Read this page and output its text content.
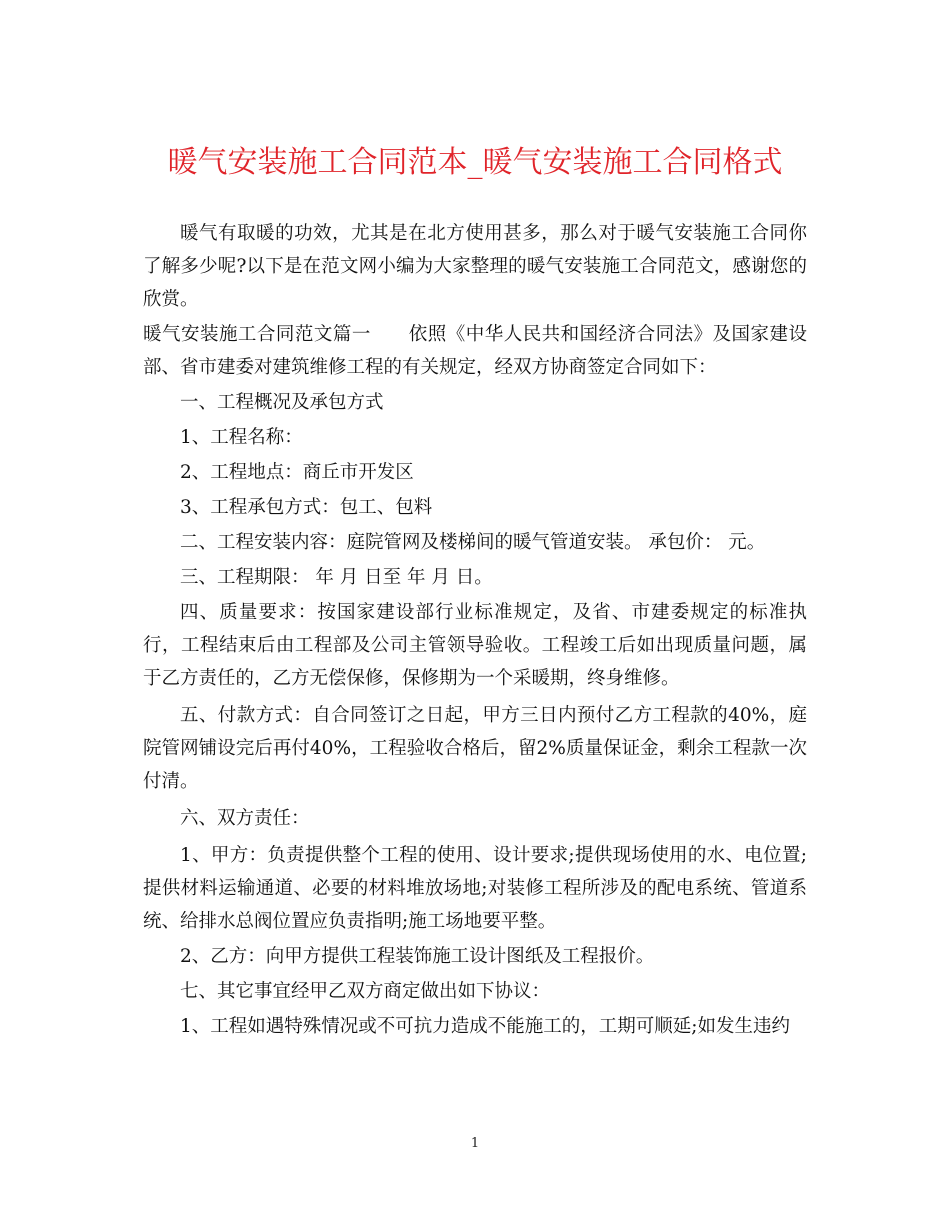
暖气安装施工合同范本_暖气安装施工合同格式

暖气有取暖的功效，尤其是在北方使用甚多，那么对于暖气安装施工合同你了解多少呢?以下是在范文网小编为大家整理的暖气安装施工合同范文，感谢您的欣赏。

暖气安装施工合同范文篇一　　依照《中华人民共和国经济合同法》及国家建设部、省市建委对建筑维修工程的有关规定，经双方协商签定合同如下：

一、工程概况及承包方式

1、工程名称：

2、工程地点：商丘市开发区

3、工程承包方式：包工、包料

二、工程安装内容：庭院管网及楼梯间的暖气管道安装。 承包价： 元。

三、工程期限： 年 月 日至 年 月 日。

四、质量要求：按国家建设部行业标准规定，及省、市建委规定的标准执行，工程结束后由工程部及公司主管领导验收。工程竣工后如出现质量问题，属于乙方责任的，乙方无偿保修，保修期为一个采暖期，终身维修。

五、付款方式：自合同签订之日起，甲方三日内预付乙方工程款的40%，庭院管网铺设完后再付40%，工程验收合格后，留2%质量保证金，剩余工程款一次付清。

六、双方责任：

1、甲方：负责提供整个工程的使用、设计要求;提供现场使用的水、电位置;提供材料运输通道、必要的材料堆放场地;对装修工程所涉及的配电系统、管道系统、给排水总阀位置应负责指明;施工场地要平整。

2、乙方：向甲方提供工程装饰施工设计图纸及工程报价。

七、其它事宜经甲乙双方商定做出如下协议：

1、工程如遇特殊情况或不可抗力造成不能施工的，工期可顺延;如发生违约

1
